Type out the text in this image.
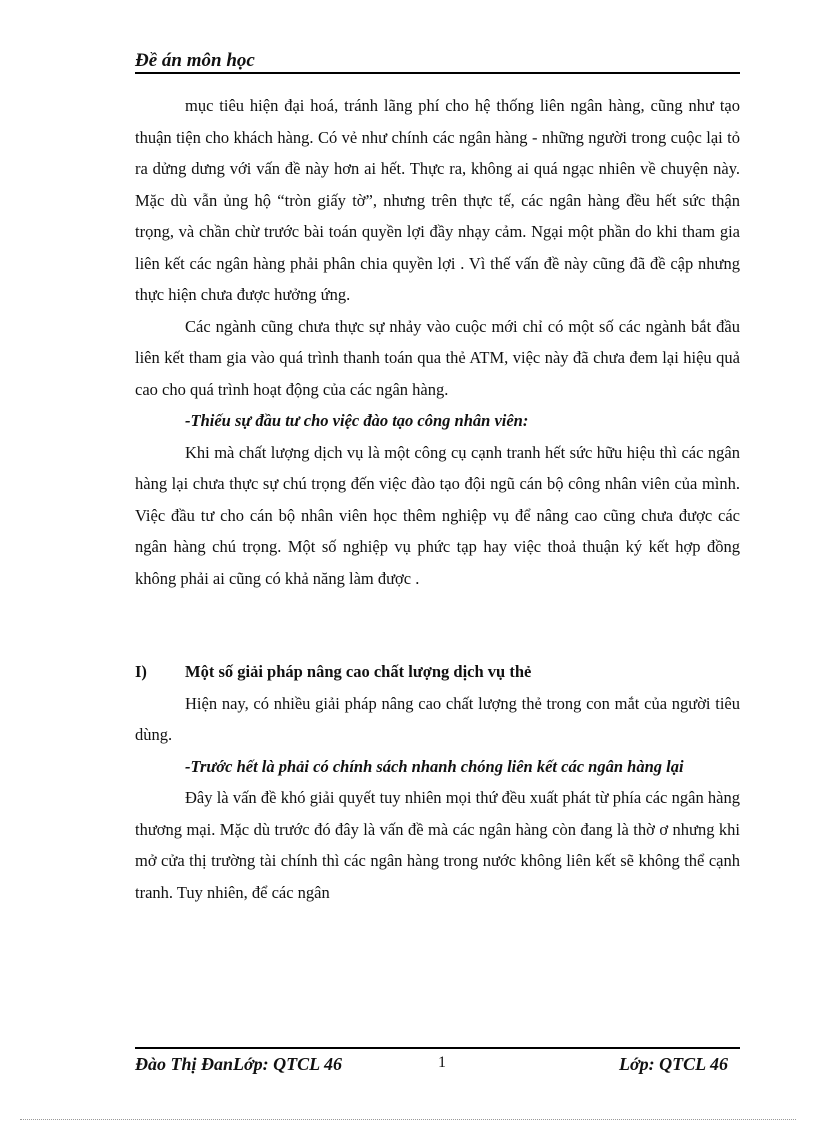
Đề án môn học

mục tiêu hiện đại hoá, tránh lãng phí cho hệ thống liên ngân hàng, cũng như tạo thuận tiện cho khách hàng. Có vẻ như chính các ngân hàng - những người trong cuộc lại tỏ ra dửng dưng với vấn đề này hơn ai hết. Thực ra, không ai quá ngạc nhiên về chuyện này. Mặc dù vẫn ủng hộ “tròn giấy tờ”, nhưng trên thực tế, các ngân hàng đều hết sức thận trọng, và chần chừ trước bài toán quyền lợi đầy nhạy cảm. Ngại một phần do khi tham gia liên kết các ngân hàng phải phân chia quyền lợi . Vì thế vấn đề này cũng đã đề cập nhưng thực hiện chưa được hưởng ứng.

Các ngành cũng chưa thực sự nhảy vào cuộc mới chỉ có một số các ngành bắt đầu liên kết tham gia vào quá trình thanh toán qua thẻ ATM, việc này đã chưa đem lại hiệu quả cao cho quá trình hoạt động của các ngân hàng.

-Thiếu sự đầu tư cho việc đào tạo công nhân viên:

Khi mà chất lượng dịch vụ là một công cụ cạnh tranh hết sức hữu hiệu thì các ngân hàng lại chưa thực sự chú trọng đến việc đào tạo đội ngũ cán bộ công nhân viên của mình. Việc đầu tư cho cán bộ nhân viên học thêm nghiệp vụ để nâng cao cũng chưa được các ngân hàng chú trọng. Một số nghiệp vụ phức tạp hay việc thoả thuận ký kết hợp đồng không phải ai cũng có khả năng làm được .

I)	Một số giải pháp nâng cao chất lượng dịch vụ thẻ

Hiện nay, có nhiều giải pháp nâng cao chất lượng thẻ trong con mắt của người tiêu dùng.

-Trước hết là phải có chính sách nhanh chóng liên kết các ngân hàng lại

Đây là vấn đề khó giải quyết tuy nhiên mọi thứ đều xuất phát từ phía các ngân hàng thương mại. Mặc dù trước đó đây là vấn đề mà các ngân hàng còn đang là thờ ơ nhưng khi mở cửa thị trường tài chính thì các ngân hàng trong nước không liên kết sẽ không thể cạnh tranh. Tuy nhiên, để các ngân

Đào Thị ĐanLớp: QTCL 46	1	Lớp: QTCL 46
